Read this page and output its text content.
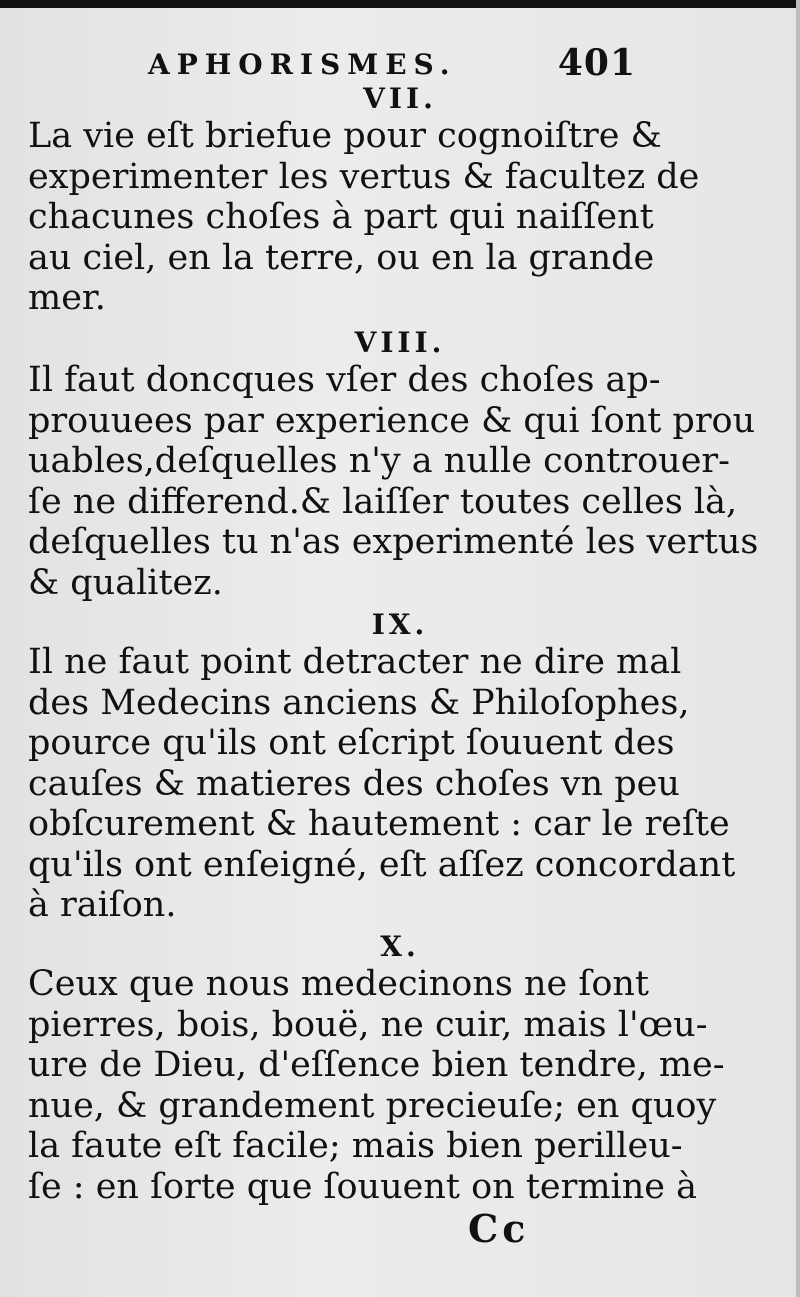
APHORISMES.	401
VII.
La vie eſt briefue pour cognoiſtre &
experimenter les vertus & facultez de
chacunes choſes à part qui naiſſent
au ciel, en la terre, ou en la grande
mer.
VIII.
Il faut doncques vſer des choſes ap-
prouuees par experience & qui ſont prou
uables,deſquelles n'y a nulle controuer-
ſe ne differend.& laiſſer toutes celles là,
deſquelles tu n'as experimenté les vertus
& qualitez.
IX.
Il ne faut point detracter ne dire mal
des Medecins anciens & Philoſophes,
pource qu'ils ont eſcript ſouuent des
cauſes & matieres des choſes vn peu
obſcurement & hautement : car le reſte
qu'ils ont enſeigné, eſt aſſez concordant
à raiſon.
X.
Ceux que nous medecinons ne ſont
pierres, bois, bouë, ne cuir, mais l'œu-
ure de Dieu, d'eſſence bien tendre, me-
nue, & grandement precieuſe; en quoy
la faute eſt facile; mais bien perilleu-
ſe : en ſorte que ſouuent on termine à
Cc
